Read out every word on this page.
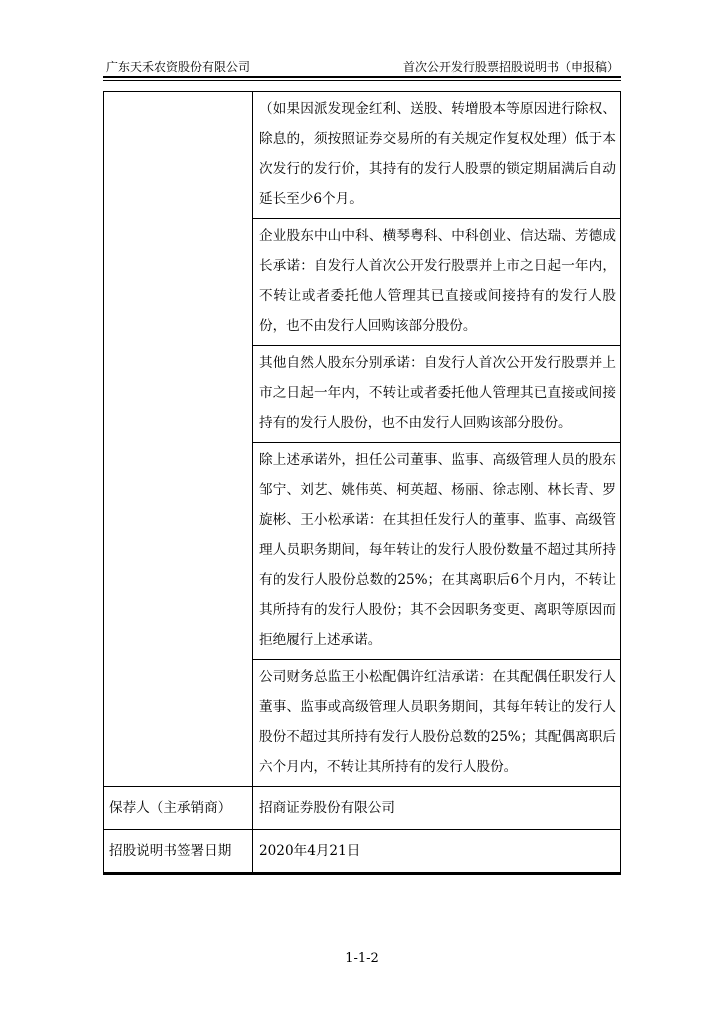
广东天禾农资股份有限公司	首次公开发行股票招股说明书（申报稿）
	（如果因派发现金红利、送股、转增股本等原因进行除权、除息的，须按照证券交易所的有关规定作复权处理）低于本次发行的发行价，其持有的发行人股票的锁定期届满后自动延长至少6个月。
	企业股东中山中科、横琴粤科、中科创业、信达瑞、芳德成长承诺：自发行人首次公开发行股票并上市之日起一年内，不转让或者委托他人管理其已直接或间接持有的发行人股份，也不由发行人回购该部分股份。
	其他自然人股东分别承诺：自发行人首次公开发行股票并上市之日起一年内，不转让或者委托他人管理其已直接或间接持有的发行人股份，也不由发行人回购该部分股份。
	除上述承诺外，担任公司董事、监事、高级管理人员的股东邹宁、刘艺、姚伟英、柯英超、杨丽、徐志刚、林长青、罗旋彬、王小松承诺：在其担任发行人的董事、监事、高级管理人员职务期间，每年转让的发行人股份数量不超过其所持有的发行人股份总数的25%；在其离职后6个月内，不转让其所持有的发行人股份；其不会因职务变更、离职等原因而拒绝履行上述承诺。
	公司财务总监王小松配偶许红洁承诺：在其配偶任职发行人董事、监事或高级管理人员职务期间，其每年转让的发行人股份不超过其所持有发行人股份总数的25%；其配偶离职后六个月内，不转让其所持有的发行人股份。
保荐人（主承销商）	招商证券股份有限公司
招股说明书签署日期	2020年4月21日
1-1-2
